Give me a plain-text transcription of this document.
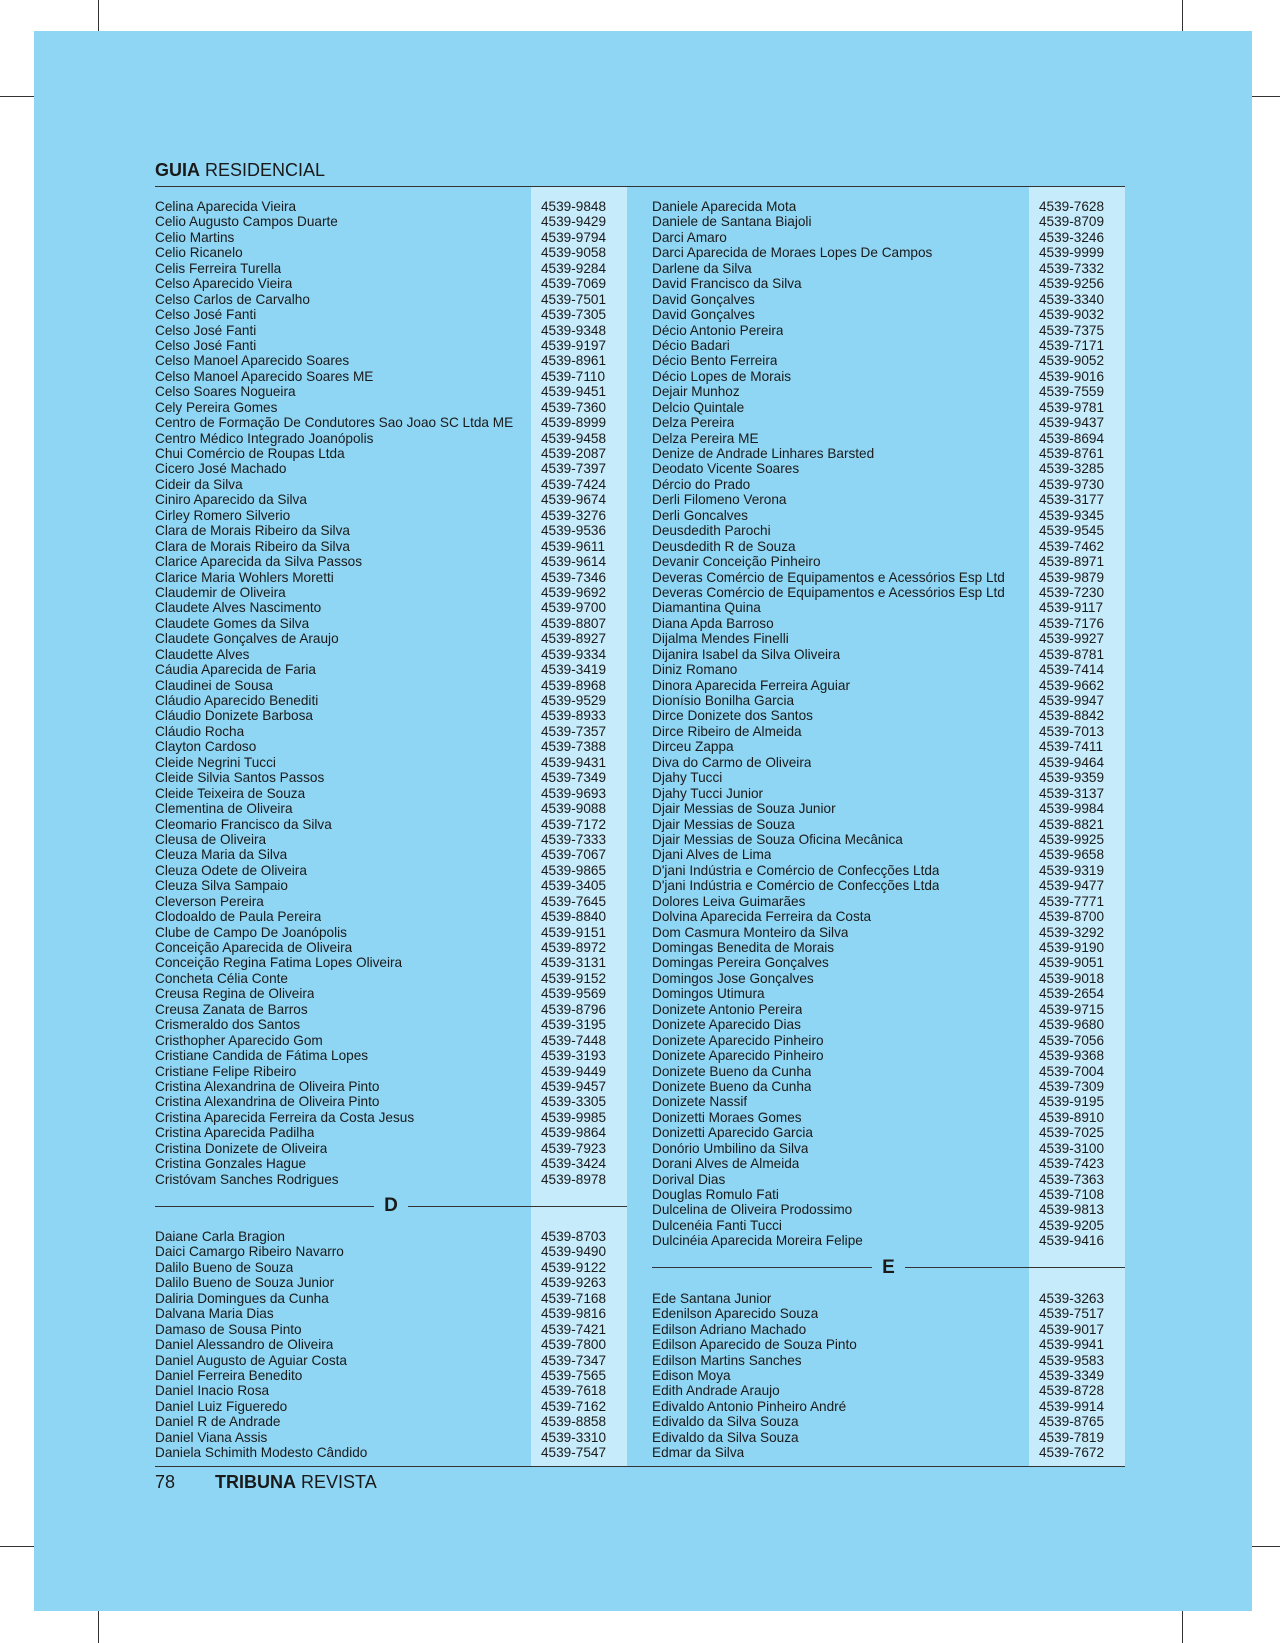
GUIA RESIDENCIAL
Celina Aparecida Vieira	4539-9848
Celio Augusto Campos Duarte	4539-9429
Celio Martins	4539-9794
Celio Ricanelo	4539-9058
Celis Ferreira Turella	4539-9284
Celso Aparecido Vieira	4539-7069
Celso Carlos de Carvalho	4539-7501
Celso José Fanti	4539-7305
Celso José Fanti	4539-9348
Celso José Fanti	4539-9197
Celso Manoel Aparecido Soares	4539-8961
Celso Manoel Aparecido Soares ME	4539-7110
Celso Soares Nogueira	4539-9451
Cely Pereira Gomes	4539-7360
Centro de Formação De Condutores Sao Joao SC Ltda ME	4539-8999
Centro Médico Integrado Joanópolis	4539-9458
Chui Comércio de Roupas Ltda	4539-2087
Cicero José Machado	4539-7397
Cideir da Silva	4539-7424
Ciniro Aparecido da Silva	4539-9674
Cirley Romero Silverio	4539-3276
Clara de Morais Ribeiro da Silva	4539-9536
Clara de Morais Ribeiro da Silva	4539-9611
Clarice Aparecida da Silva Passos	4539-9614
Clarice Maria Wohlers Moretti	4539-7346
Claudemir de Oliveira	4539-9692
Claudete Alves Nascimento	4539-9700
Claudete Gomes da Silva	4539-8807
Claudete Gonçalves de Araujo	4539-8927
Claudette Alves	4539-9334
Cáudia Aparecida de Faria	4539-3419
Claudinei de Sousa	4539-8968
Cláudio Aparecido Benediti	4539-9529
Cláudio Donizete Barbosa	4539-8933
Cláudio Rocha	4539-7357
Clayton Cardoso	4539-7388
Cleide Negrini Tucci	4539-9431
Cleide Silvia Santos Passos	4539-7349
Cleide Teixeira de Souza	4539-9693
Clementina de Oliveira	4539-9088
Cleomario Francisco da Silva	4539-7172
Cleusa de Oliveira	4539-7333
Cleuza Maria da Silva	4539-7067
Cleuza Odete de Oliveira	4539-9865
Cleuza Silva Sampaio	4539-3405
Cleverson Pereira	4539-7645
Clodoaldo de Paula Pereira	4539-8840
Clube de Campo De Joanópolis	4539-9151
Conceição Aparecida de Oliveira	4539-8972
Conceição Regina Fatima Lopes Oliveira	4539-3131
Concheta Célia Conte	4539-9152
Creusa Regina de Oliveira	4539-9569
Creusa Zanata de Barros	4539-8796
Crismeraldo dos Santos	4539-3195
Cristhopher Aparecido Gom	4539-7448
Cristiane Candida de Fátima Lopes	4539-3193
Cristiane Felipe Ribeiro	4539-9449
Cristina Alexandrina de Oliveira Pinto	4539-9457
Cristina Alexandrina de Oliveira Pinto	4539-3305
Cristina Aparecida Ferreira da Costa Jesus	4539-9985
Cristina Aparecida Padilha	4539-9864
Cristina Donizete de Oliveira	4539-7923
Cristina Gonzales Hague	4539-3424
Cristóvam Sanches Rodrigues	4539-8978
D
Daiane Carla Bragion	4539-8703
Daici Camargo Ribeiro Navarro	4539-9490
Dalilo Bueno de Souza	4539-9122
Dalilo Bueno de Souza Junior	4539-9263
Daliria Domingues da Cunha	4539-7168
Dalvana Maria Dias	4539-9816
Damaso de Sousa Pinto	4539-7421
Daniel Alessandro de Oliveira	4539-7800
Daniel Augusto de Aguiar Costa	4539-7347
Daniel Ferreira Benedito	4539-7565
Daniel Inacio Rosa	4539-7618
Daniel Luiz Figueredo	4539-7162
Daniel R de Andrade	4539-8858
Daniel Viana Assis	4539-3310
Daniela Schimith Modesto Cândido	4539-7547
Daniele Aparecida Mota	4539-7628
Daniele de Santana Biajoli	4539-8709
Darci Amaro	4539-3246
Darci Aparecida de Moraes Lopes De Campos	4539-9999
Darlene da Silva	4539-7332
David Francisco da Silva	4539-9256
David Gonçalves	4539-3340
David Gonçalves	4539-9032
Décio Antonio Pereira	4539-7375
Décio Badari	4539-7171
Décio Bento Ferreira	4539-9052
Décio Lopes de Morais	4539-9016
Dejair Munhoz	4539-7559
Delcio Quintale	4539-9781
Delza Pereira	4539-9437
Delza Pereira ME	4539-8694
Denize de Andrade Linhares Barsted	4539-8761
Deodato Vicente Soares	4539-3285
Dércio do Prado	4539-9730
Derli Filomeno Verona	4539-3177
Derli Goncalves	4539-9345
Deusdedith Parochi	4539-9545
Deusdedith R de Souza	4539-7462
Devanir Conceição Pinheiro	4539-8971
Deveras Comércio de Equipamentos e Acessórios Esp Ltd	4539-9879
Deveras Comércio de Equipamentos e Acessórios Esp Ltd	4539-7230
Diamantina Quina	4539-9117
Diana Apda Barroso	4539-7176
Dijalma Mendes Finelli	4539-9927
Dijanira Isabel da Silva Oliveira	4539-8781
Diniz Romano	4539-7414
Dinora Aparecida Ferreira Aguiar	4539-9662
Dionísio Bonilha Garcia	4539-9947
Dirce Donizete dos Santos	4539-8842
Dirce Ribeiro de Almeida	4539-7013
Dirceu Zappa	4539-7411
Diva do Carmo de Oliveira	4539-9464
Djahy Tucci	4539-9359
Djahy Tucci Junior	4539-3137
Djair Messias de Souza Junior	4539-9984
Djair Messias de Souza	4539-8821
Djair Messias de Souza Oficina Mecânica	4539-9925
Djani Alves de Lima	4539-9658
D'jani Indústria e Comércio de Confecções Ltda	4539-9319
D'jani Indústria e Comércio de Confecções Ltda	4539-9477
Dolores Leiva Guimarães	4539-7771
Dolvina Aparecida Ferreira da Costa	4539-8700
Dom Casmura Monteiro da Silva	4539-3292
Domingas Benedita de Morais	4539-9190
Domingas Pereira Gonçalves	4539-9051
Domingos Jose Gonçalves	4539-9018
Domingos Utimura	4539-2654
Donizete Antonio Pereira	4539-9715
Donizete Aparecido Dias	4539-9680
Donizete Aparecido Pinheiro	4539-7056
Donizete Aparecido Pinheiro	4539-9368
Donizete Bueno da Cunha	4539-7004
Donizete Bueno da Cunha	4539-7309
Donizete Nassif	4539-9195
Donizetti Moraes Gomes	4539-8910
Donizetti Aparecido Garcia	4539-7025
Donório Umbilino da Silva	4539-3100
Dorani Alves de Almeida	4539-7423
Dorival Dias	4539-7363
Douglas Romulo Fati	4539-7108
Dulcelina de Oliveira Prodossimo	4539-9813
Dulcenéia Fanti Tucci	4539-9205
Dulcinéia Aparecida Moreira Felipe	4539-9416
E
Ede Santana Junior	4539-3263
Edenilson Aparecido Souza	4539-7517
Edilson Adriano Machado	4539-9017
Edilson Aparecido de Souza Pinto	4539-9941
Edilson Martins Sanches	4539-9583
Edison Moya	4539-3349
Edith Andrade Araujo	4539-8728
Edivaldo Antonio Pinheiro André	4539-9914
Edivaldo da Silva Souza	4539-8765
Edivaldo da Silva Souza	4539-7819
Edmar da Silva	4539-7672
78 TRIBUNA REVISTA
